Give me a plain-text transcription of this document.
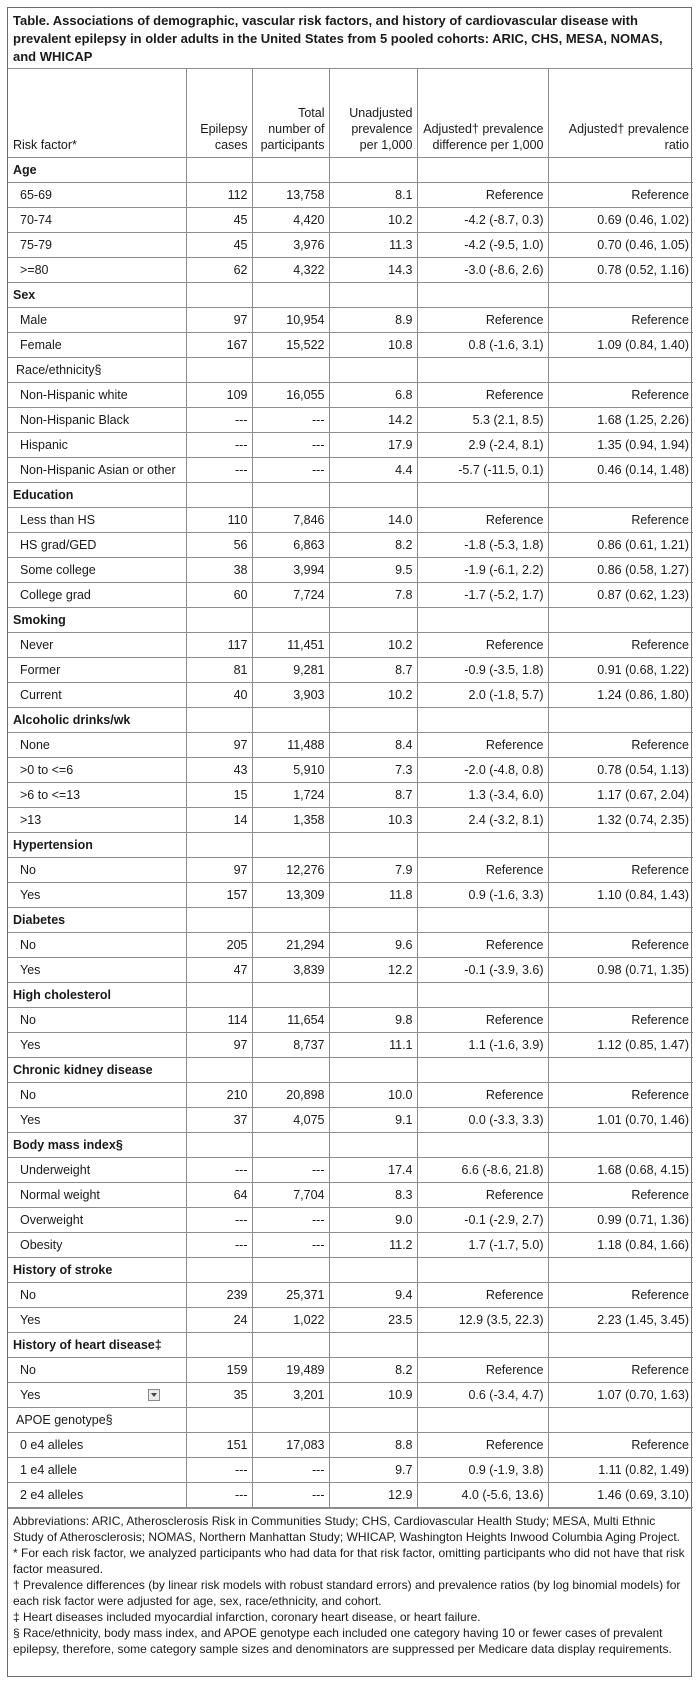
Table. Associations of demographic, vascular risk factors, and history of cardiovascular disease with prevalent epilepsy in older adults in the United States from 5 pooled cohorts: ARIC, CHS, MESA, NOMAS, and WHICAP
Risk factor*	Epilepsy cases	Total number of participants	Unadjusted prevalence per 1,000	Adjusted† prevalence difference per 1,000	Adjusted† prevalence ratio
Age					
65-69	112	13,758	8.1	Reference	Reference
70-74	45	4,420	10.2	-4.2 (-8.7, 0.3)	0.69 (0.46, 1.02)
75-79	45	3,976	11.3	-4.2 (-9.5, 1.0)	0.70 (0.46, 1.05)
>=80	62	4,322	14.3	-3.0 (-8.6, 2.6)	0.78 (0.52, 1.16)
Sex					
Male	97	10,954	8.9	Reference	Reference
Female	167	15,522	10.8	0.8 (-1.6, 3.1)	1.09 (0.84, 1.40)
Race/ethnicity§					
Non-Hispanic white	109	16,055	6.8	Reference	Reference
Non-Hispanic Black	---	---	14.2	5.3 (2.1, 8.5)	1.68 (1.25, 2.26)
Hispanic	---	---	17.9	2.9 (-2.4, 8.1)	1.35 (0.94, 1.94)
Non-Hispanic Asian or other	---	---	4.4	-5.7 (-11.5, 0.1)	0.46 (0.14, 1.48)
Education					
Less than HS	110	7,846	14.0	Reference	Reference
HS grad/GED	56	6,863	8.2	-1.8 (-5.3, 1.8)	0.86 (0.61, 1.21)
Some college	38	3,994	9.5	-1.9 (-6.1, 2.2)	0.86 (0.58, 1.27)
College grad	60	7,724	7.8	-1.7 (-5.2, 1.7)	0.87 (0.62, 1.23)
Smoking					
Never	117	11,451	10.2	Reference	Reference
Former	81	9,281	8.7	-0.9 (-3.5, 1.8)	0.91 (0.68, 1.22)
Current	40	3,903	10.2	2.0 (-1.8, 5.7)	1.24 (0.86, 1.80)
Alcoholic drinks/wk					
None	97	11,488	8.4	Reference	Reference
>0 to <=6	43	5,910	7.3	-2.0 (-4.8, 0.8)	0.78 (0.54, 1.13)
>6 to <=13	15	1,724	8.7	1.3 (-3.4, 6.0)	1.17 (0.67, 2.04)
>13	14	1,358	10.3	2.4 (-3.2, 8.1)	1.32 (0.74, 2.35)
Hypertension					
No	97	12,276	7.9	Reference	Reference
Yes	157	13,309	11.8	0.9 (-1.6, 3.3)	1.10 (0.84, 1.43)
Diabetes					
No	205	21,294	9.6	Reference	Reference
Yes	47	3,839	12.2	-0.1 (-3.9, 3.6)	0.98 (0.71, 1.35)
High cholesterol					
No	114	11,654	9.8	Reference	Reference
Yes	97	8,737	11.1	1.1 (-1.6, 3.9)	1.12 (0.85, 1.47)
Chronic kidney disease					
No	210	20,898	10.0	Reference	Reference
Yes	37	4,075	9.1	0.0 (-3.3, 3.3)	1.01 (0.70, 1.46)
Body mass index§					
Underweight	---	---	17.4	6.6 (-8.6, 21.8)	1.68 (0.68, 4.15)
Normal weight	64	7,704	8.3	Reference	Reference
Overweight	---	---	9.0	-0.1 (-2.9, 2.7)	0.99 (0.71, 1.36)
Obesity	---	---	11.2	1.7 (-1.7, 5.0)	1.18 (0.84, 1.66)
History of stroke					
No	239	25,371	9.4	Reference	Reference
Yes	24	1,022	23.5	12.9 (3.5, 22.3)	2.23 (1.45, 3.45)
History of heart disease‡					
No	159	19,489	8.2	Reference	Reference
Yes	35	3,201	10.9	0.6 (-3.4, 4.7)	1.07 (0.70, 1.63)
APOE genotype§					
0 e4 alleles	151	17,083	8.8	Reference	Reference
1 e4 allele	---	---	9.7	0.9 (-1.9, 3.8)	1.11 (0.82, 1.49)
2 e4 alleles	---	---	12.9	4.0 (-5.6, 13.6)	1.46 (0.69, 3.10)

Abbreviations: ARIC, Atherosclerosis Risk in Communities Study; CHS, Cardiovascular Health Study; MESA, Multi Ethnic Study of Atherosclerosis; NOMAS, Northern Manhattan Study; WHICAP, Washington Heights Inwood Columbia Aging Project.

* For each risk factor, we analyzed participants who had data for that risk factor, omitting participants who did not have that risk factor measured.

† Prevalence differences (by linear risk models with robust standard errors) and prevalence ratios (by log binomial models) for each risk factor were adjusted for age, sex, race/ethnicity, and cohort.

‡ Heart diseases included myocardial infarction, coronary heart disease, or heart failure.

§ Race/ethnicity, body mass index, and APOE genotype each included one category having 10 or fewer cases of prevalent epilepsy, therefore, some category sample sizes and denominators are suppressed per Medicare data display requirements.
